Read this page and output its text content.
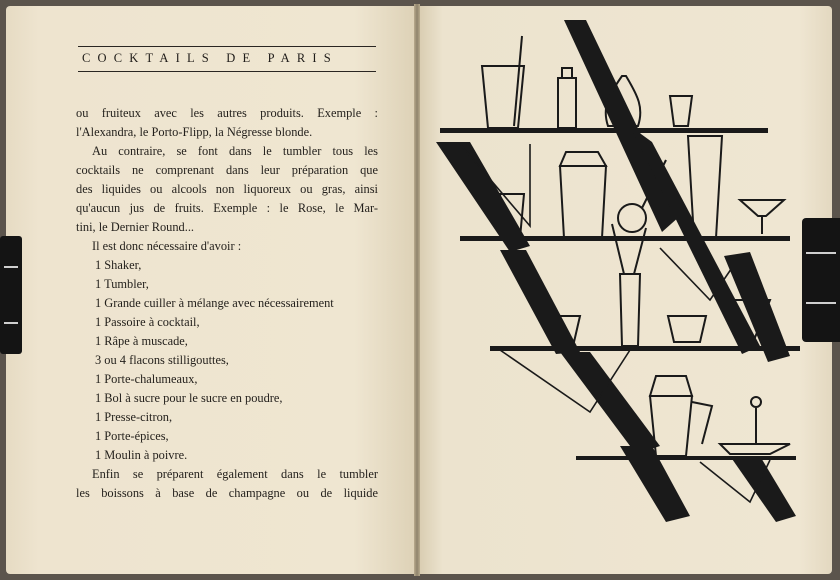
COCKTAILS DE PARIS
ou fruiteux avec les autres produits. Exemple :
l'Alexandra, le Porto-Flipp, la Négresse blonde.
Au contraire, se font dans le tumbler tous les
cocktails ne comprenant dans leur préparation que
des liquides ou alcools non liquoreux ou gras, ainsi
qu'aucun jus de fruits. Exemple : le Rose, le Mar-
tini, le Dernier Round...
Il est donc nécessaire d'avoir :
1 Shaker,
1 Tumbler,
1 Grande cuiller à mélange avec nécessairement
1 Passoire à cocktail,
1 Râpe à muscade,
3 ou 4 flacons stilligouttes,
1 Porte-chalumeaux,
1 Bol à sucre pour le sucre en poudre,
1 Presse-citron,
1 Porte-épices,
1 Moulin à poivre.
Enfin se préparent également dans le tumbler
les boissons à base de champagne ou de liquide
